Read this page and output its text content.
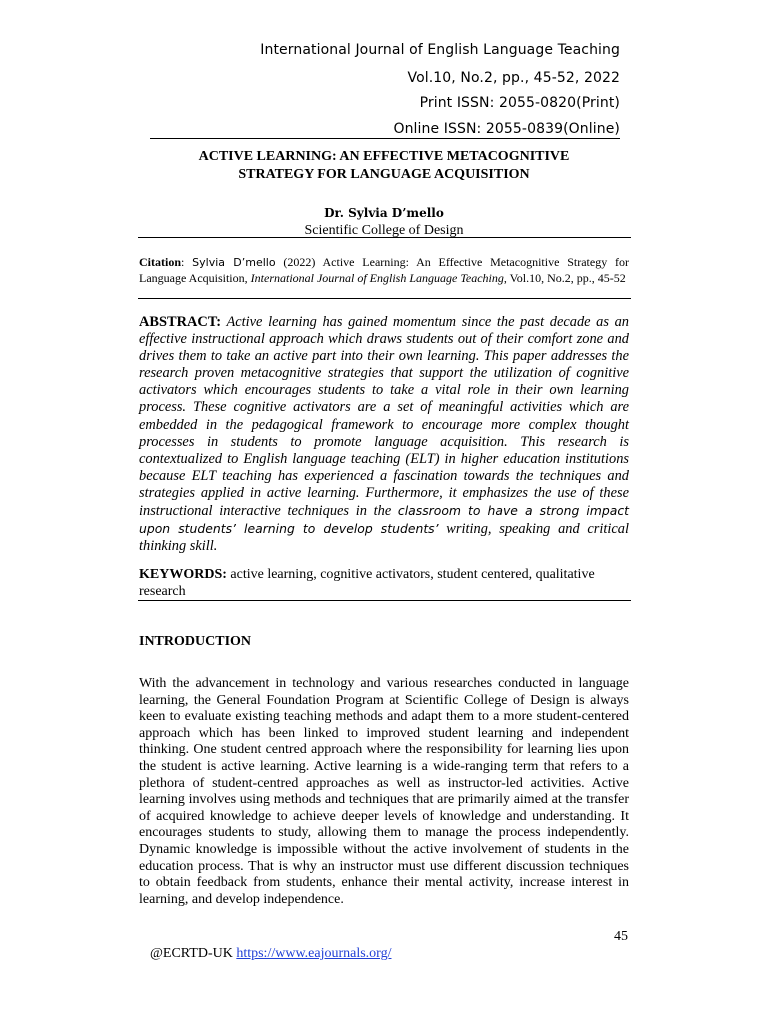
International Journal of English Language Teaching
Vol.10, No.2, pp., 45-52, 2022
Print ISSN: 2055-0820(Print)
Online ISSN: 2055-0839(Online)
ACTIVE LEARNING: AN EFFECTIVE METACOGNITIVE
STRATEGY FOR LANGUAGE ACQUISITION
Dr. Sylvia D’mello
Scientific College of Design
Citation: Sylvia D’mello (2022) Active Learning: An Effective Metacognitive Strategy for Language Acquisition, International Journal of English Language Teaching, Vol.10, No.2, pp., 45-52
ABSTRACT: Active learning has gained momentum since the past decade as an effective instructional approach which draws students out of their comfort zone and drives them to take an active part into their own learning. This paper addresses the research proven metacognitive strategies that support the utilization of cognitive activators which encourages students to take a vital role in their own learning process. These cognitive activators are a set of meaningful activities which are embedded in the pedagogical framework to encourage more complex thought processes in students to promote language acquisition. This research is contextualized to English language teaching (ELT) in higher education institutions because ELT teaching has experienced a fascination towards the techniques and strategies applied in active learning. Furthermore, it emphasizes the use of these instructional interactive techniques in the classroom to have a strong impact upon students’ learning to develop students’ writing, speaking and critical thinking skill.
KEYWORDS: active learning, cognitive activators, student centered, qualitative research
INTRODUCTION
With the advancement in technology and various researches conducted in language learning, the General Foundation Program at Scientific College of Design is always keen to evaluate existing teaching methods and adapt them to a more student-centered approach which has been linked to improved student learning and independent thinking. One student centred approach where the responsibility for learning lies upon the student is active learning. Active learning is a wide-ranging term that refers to a plethora of student-centred approaches as well as instructor-led activities. Active learning involves using methods and techniques that are primarily aimed at the transfer of acquired knowledge to achieve deeper levels of knowledge and understanding. It encourages students to study, allowing them to manage the process independently. Dynamic knowledge is impossible without the active involvement of students in the education process. That is why an instructor must use different discussion techniques to obtain feedback from students, enhance their mental activity, increase interest in learning, and develop independence.
45
@ECRTD-UK https://www.eajournals.org/
